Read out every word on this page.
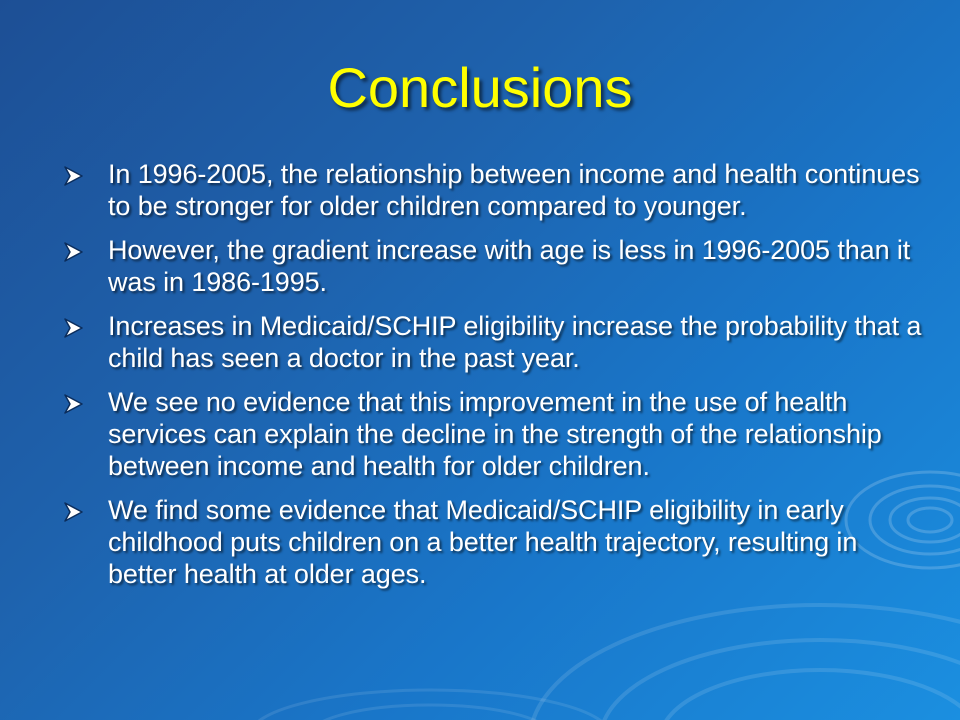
Conclusions
In 1996-2005, the relationship between income and health continues to be stronger for older children compared to younger.
However, the gradient increase with age is less in 1996-2005 than it was in 1986-1995.
Increases in Medicaid/SCHIP eligibility increase the probability that a child has seen a doctor in the past year.
We see no evidence that this improvement in the use of health services can explain the decline in the strength of the relationship between income and health for older children.
We find some evidence that Medicaid/SCHIP eligibility in early childhood puts children on a better health trajectory, resulting in better health at older ages.
